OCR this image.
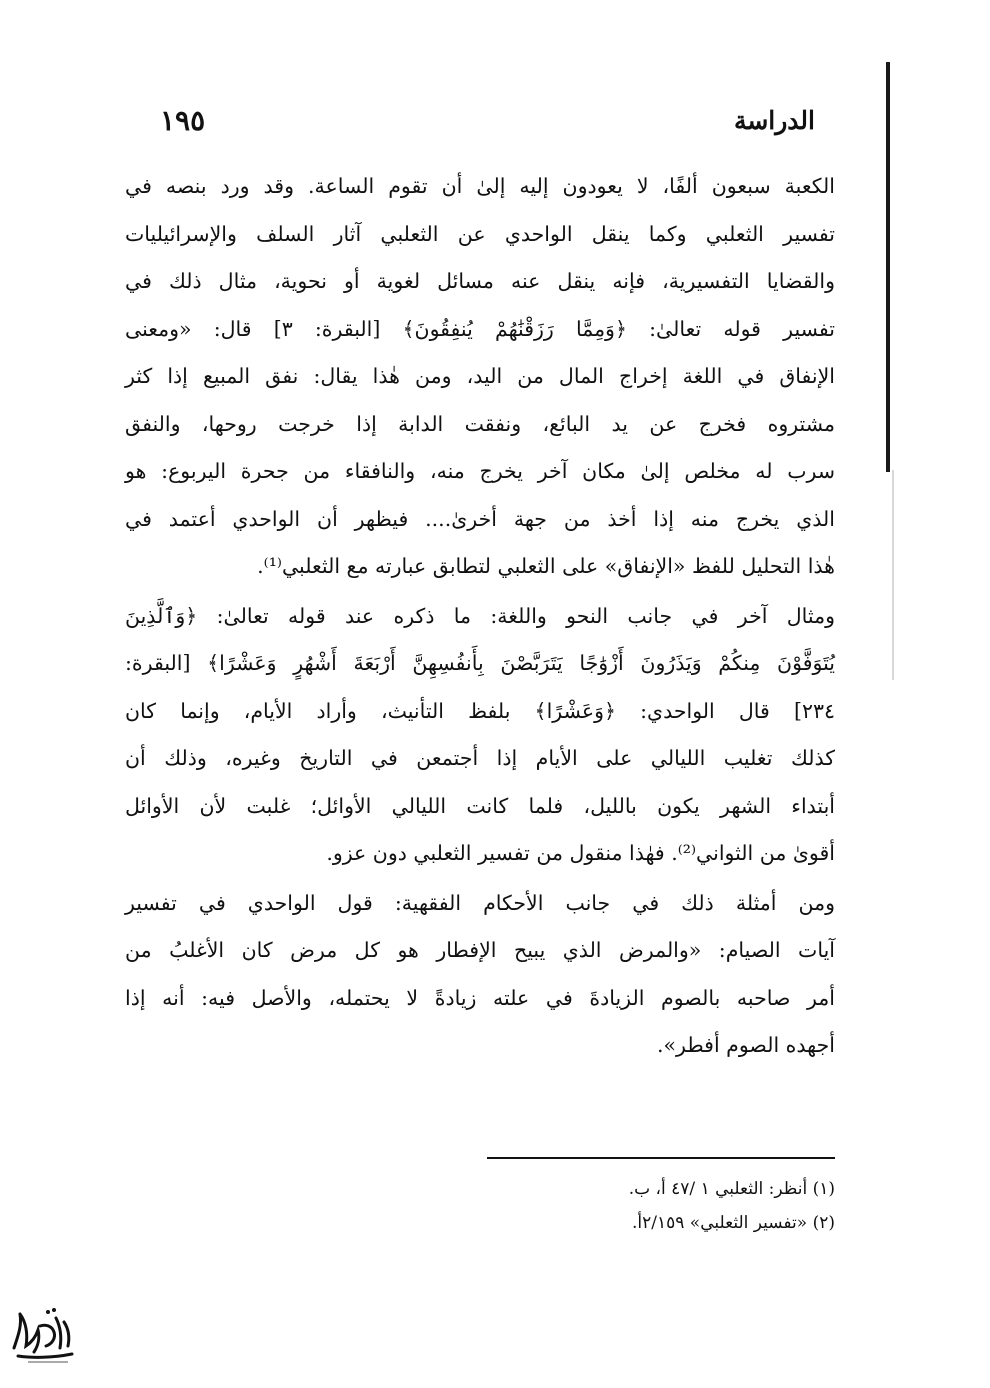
الدراسة
١٩٥
الكعبة سبعون ألفًا، لا يعودون إليه إلىٰ أن تقوم الساعة. وقد ورد بنصه في
تفسير الثعلبي وكما ينقل الواحدي عن الثعلبي آثار السلف والإسرائيليات
والقضايا التفسيرية، فإنه ينقل عنه مسائل لغوية أو نحوية، مثال ذلك في
تفسير قوله تعالىٰ: ﴿وَمِمَّا رَزَقْنَٰهُمْ يُنفِقُونَ﴾ [البقرة: ٣] قال: «ومعنى
الإنفاق في اللغة إخراج المال من اليد، ومن هٰذا يقال: نفق المبيع إذا كثر
مشتروه فخرج عن يد البائع، ونفقت الدابة إذا خرجت روحها، والنفق
سرب له مخلص إلىٰ مكان آخر يخرج منه، والنافقاء من جحرة اليربوع: هو
الذي يخرج منه إذا أخذ من جهة أخرىٰ.... فيظهر أن الواحدي أعتمد في
هٰذا التحليل للفظ «الإنفاق» على الثعلبي لتطابق عبارته مع الثعلبي⁽¹⁾.
ومثال آخر في جانب النحو واللغة: ما ذكره عند قوله تعالىٰ: ﴿وَٱلَّذِينَ
يُتَوَفَّوْنَ مِنكُمْ وَيَذَرُونَ أَزْوَٰجًا يَتَرَبَّصْنَ بِأَنفُسِهِنَّ أَرْبَعَةَ أَشْهُرٍ وَعَشْرًا﴾ [البقرة:
٢٣٤] قال الواحدي: ﴿وَعَشْرًا﴾ بلفظ التأنيث، وأراد الأيام، وإنما كان
كذلك تغليب الليالي على الأيام إذا أجتمعن في التاريخ وغيره، وذلك أن
أبتداء الشهر يكون بالليل، فلما كانت الليالي الأوائل؛ غلبت لأن الأوائل
أقوىٰ من الثواني⁽²⁾. فهٰذا منقول من تفسير الثعلبي دون عزو.
ومن أمثلة ذلك في جانب الأحكام الفقهية: قول الواحدي في تفسير
آيات الصيام: «والمرض الذي يبيح الإفطار هو كل مرض كان الأغلبُ من
أمر صاحبه بالصوم الزيادةَ في علته زيادةً لا يحتمله، والأصل فيه: أنه إذا
أجهده الصوم أفطر».
(١) أنظر: الثعلبي ١ /٤٧ أ، ب.
(٢) «تفسير الثعلبي» ٢/١٥٩أ.
